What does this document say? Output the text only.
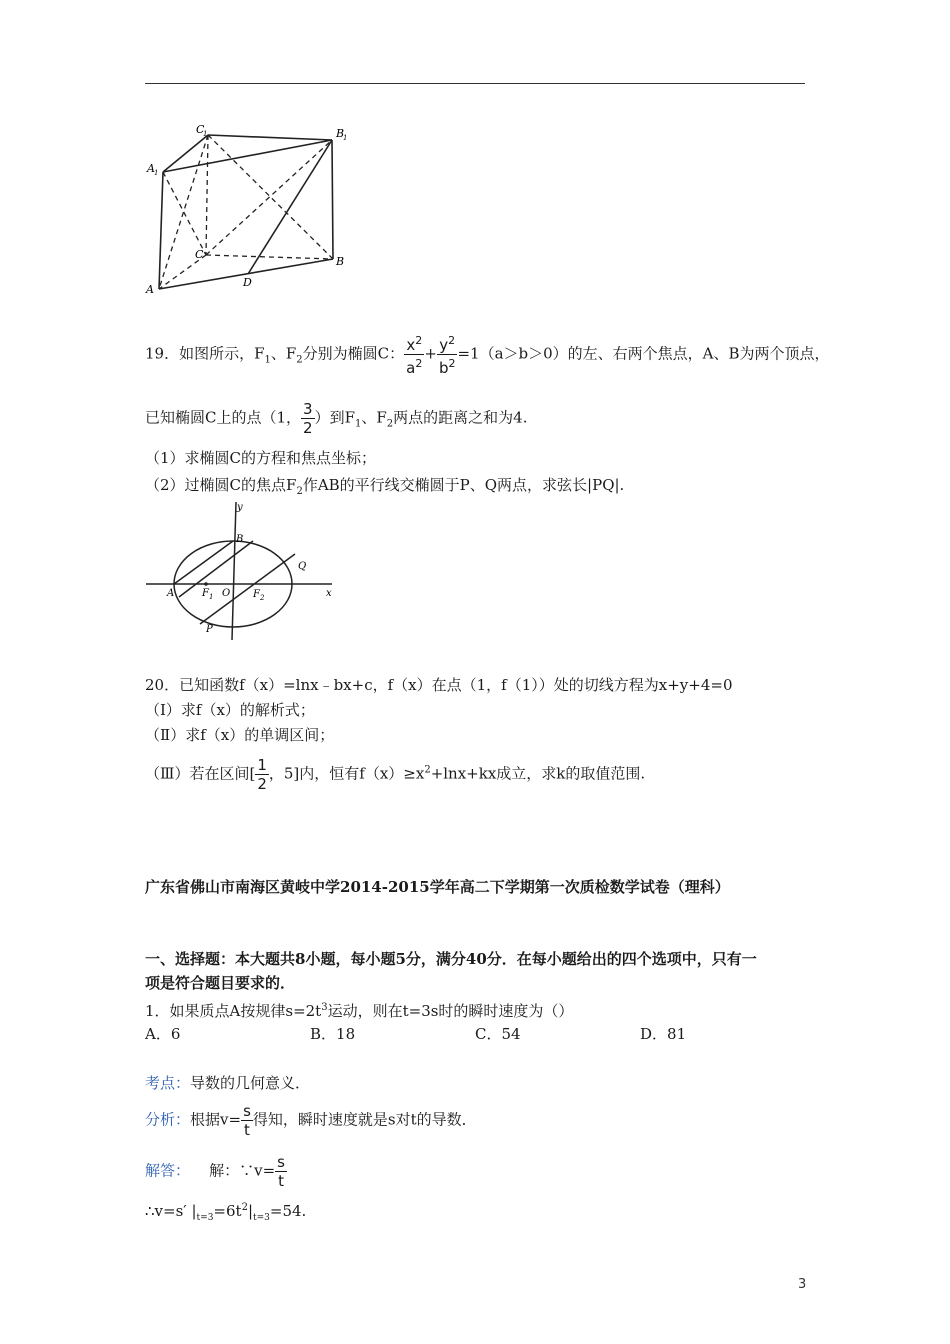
C
1	B
1
A 1
C
B
A
D
19．如图所示，$F_1$、$F_2$分别为椭圆C： $\frac{x^2}{a^2} + \frac{y^2}{b^2} =1(a>b>0)$的左、右两个焦点，A、B为两个顶点，
已知椭圆C上的点（1， $\frac{3}{2}$ ）到$F_1$、$F_2$两点的距离之和为4.
（1）求椭圆C的方程和焦点坐标；
（2）过椭圆C的焦点$F_2$作AB的平行线交椭圆于P、Q两点，求弦长|PQ|.
y
x
B
Q
A	F 1 O F 2
P
20．已知函数f（x）=lnx﹣bx+c，f（x）在点（1，f（1））处的切线方程为x+y+4=0
（Ⅰ）求f（x）的解析式；
（Ⅱ）求f（x）的单调区间；
（Ⅲ）若在区间[ $\frac{1}{2}$ ，5]内，恒有$f(x)\ge x^2+\ln x+kx$成立，求k的取值范围.
广东省佛山市南海区黄岐中学2014-2015学年高二下学期第一次质检数学试卷（理科）
一、选择题：本大题共8小题，每小题5分，满分40分．在每小题给出的四个选项中，只有一
项是符合题目要求的．
1．如果质点A按规律$s=2t^3$运动，则在t=3s时的瞬时速度为（）
A．6	B．18	C．54	D．81
考点：导数的几何意义．
分析：根据$v= \frac{s}{t}$ 得知，瞬时速度就是s对t的导数．
解答： 解：∵v= $\frac{s}{t}$
∴v=s′ $|_{t=3}=6t^2|_{t=3}=54$.
3
